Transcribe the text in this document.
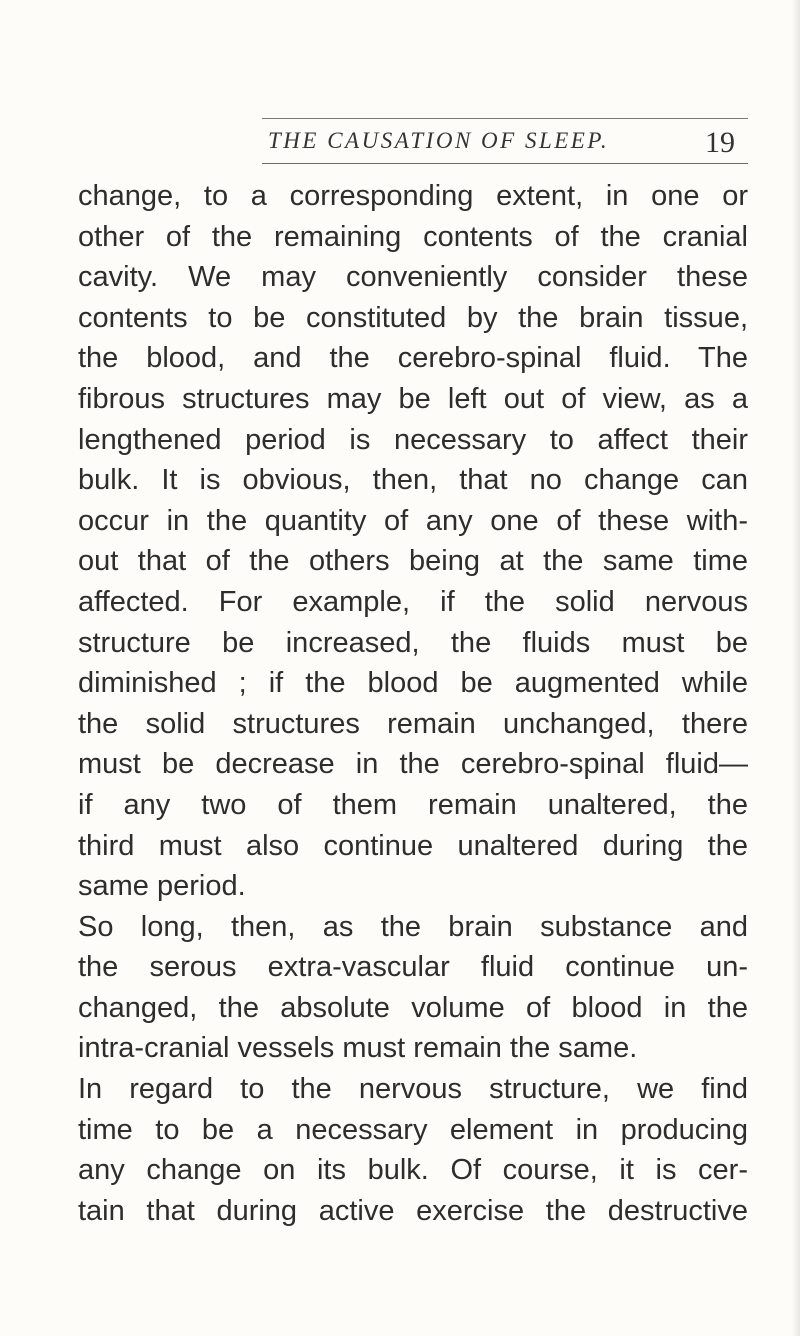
THE CAUSATION OF SLEEP.	19
change, to a corresponding extent, in one or
other of the remaining contents of the cranial
cavity. We may conveniently consider these
contents to be constituted by the brain tissue,
the blood, and the cerebro-spinal fluid. The
fibrous structures may be left out of view, as a
lengthened period is necessary to affect their
bulk. It is obvious, then, that no change can
occur in the quantity of any one of these with-
out that of the others being at the same time
affected. For example, if the solid nervous
structure be increased, the fluids must be
diminished ; if the blood be augmented while
the solid structures remain unchanged, there
must be decrease in the cerebro-spinal fluid—
if any two of them remain unaltered, the
third must also continue unaltered during the
same period.
So long, then, as the brain substance and
the serous extra-vascular fluid continue un-
changed, the absolute volume of blood in the
intra-cranial vessels must remain the same.
In regard to the nervous structure, we find
time to be a necessary element in producing
any change on its bulk. Of course, it is cer-
tain that during active exercise the destructive
